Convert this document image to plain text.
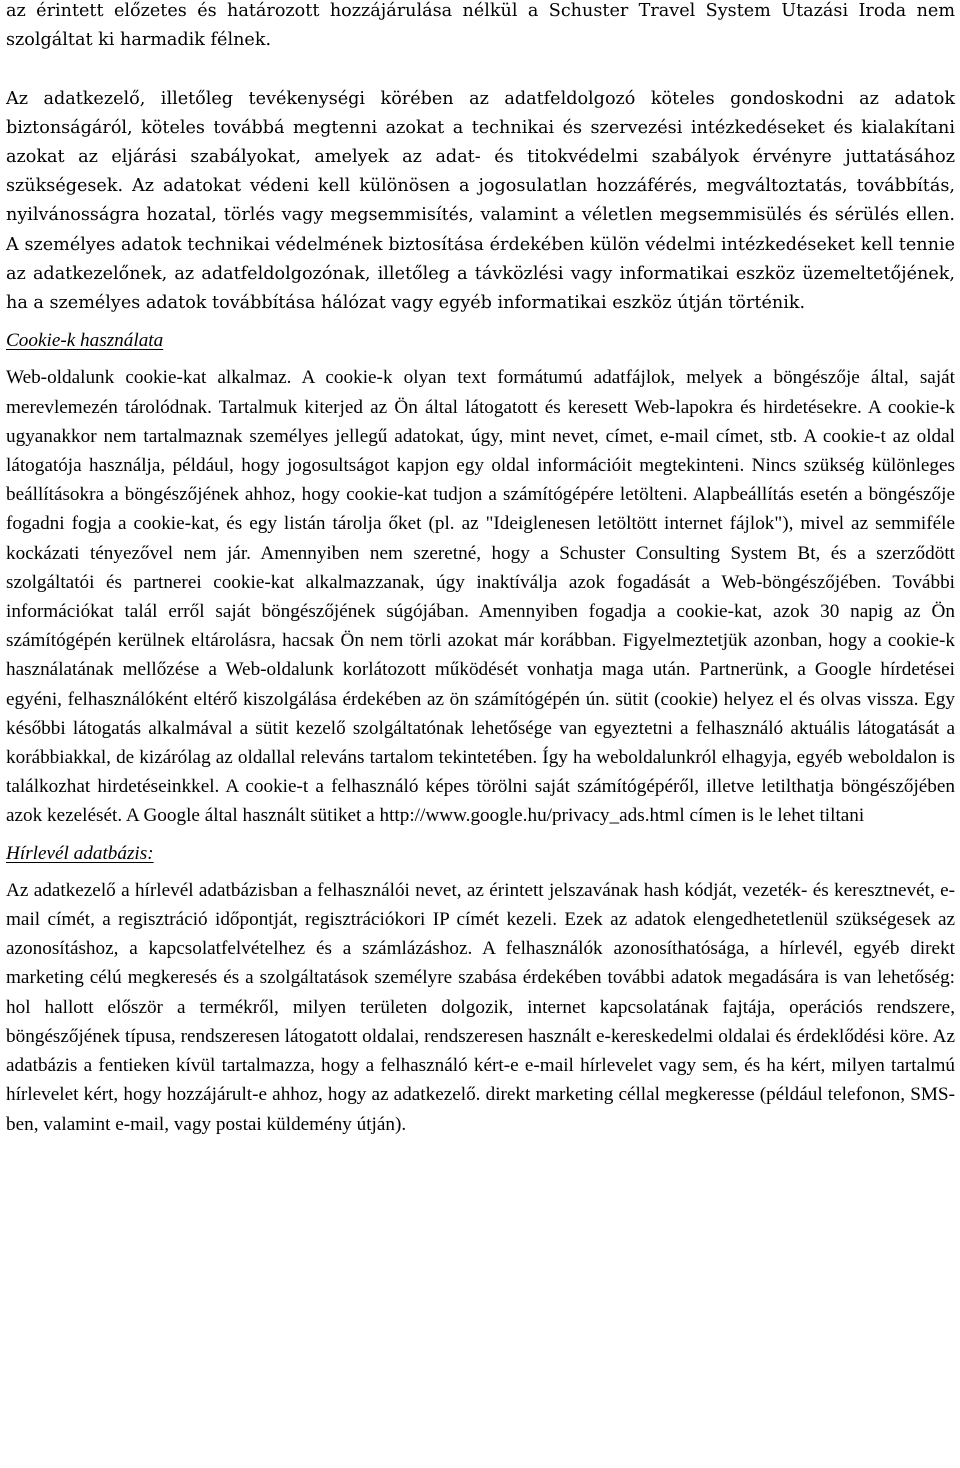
az érintett előzetes és határozott hozzájárulása nélkül a Schuster Travel System Utazási Iroda nem szolgáltat ki harmadik félnek.

Az adatkezelő, illetőleg tevékenységi körében az adatfeldolgozó köteles gondoskodni az adatok biztonságáról, köteles továbbá megtenni azokat a technikai és szervezési intézkedéseket és kialakítani azokat az eljárási szabályokat, amelyek az adat- és titokvédelmi szabályok érvényre juttatásához szükségesek. Az adatokat védeni kell különösen a jogosulatlan hozzáférés, megváltoztatás, továbbítás, nyilvánosságra hozatal, törlés vagy megsemmisítés, valamint a véletlen megsemmisülés és sérülés ellen. A személyes adatok technikai védelmének biztosítása érdekében külön védelmi intézkedéseket kell tennie az adatkezelőnek, az adatfeldolgozónak, illetőleg a távközlési vagy informatikai eszköz üzemeltetőjének, ha a személyes adatok továbbítása hálózat vagy egyéb informatikai eszköz útján történik.

Cookie-k használata

Web-oldalunk cookie-kat alkalmaz. A cookie-k olyan text formátumú adatfájlok, melyek a böngészője által, saját merevlemezén tárolódnak. Tartalmuk kiterjed az Ön által látogatott és keresett Web-lapokra és hirdetésekre. A cookie-k ugyanakkor nem tartalmaznak személyes jellegű adatokat, úgy, mint nevet, címet, e-mail címet, stb. A cookie-t az oldal látogatója használja, például, hogy jogosultságot kapjon egy oldal információit megtekinteni. Nincs szükség különleges beállításokra a böngészőjének ahhoz, hogy cookie-kat tudjon a számítógépére letölteni. Alapbeállítás esetén a böngészője fogadni fogja a cookie-kat, és egy listán tárolja őket (pl. az "Ideiglenesen letöltött internet fájlok"), mivel az semmiféle kockázati tényezővel nem jár. Amennyiben nem szeretné, hogy a Schuster Consulting System Bt, és a szerződött szolgáltatói és partnerei cookie-kat alkalmazzanak, úgy inaktíválja azok fogadását a Web-böngészőjében. További információkat talál erről saját böngészőjének súgójában. Amennyiben fogadja a cookie-kat, azok 30 napig az Ön számítógépén kerülnek eltárolásra, hacsak Ön nem törli azokat már korábban. Figyelmeztetjük azonban, hogy a cookie-k használatának mellőzése a Web-oldalunk korlátozott működését vonhatja maga után. Partnerünk, a Google hírdetései egyéni, felhasználóként eltérő kiszolgálása érdekében az ön számítógépén ún. sütit (cookie) helyez el és olvas vissza. Egy későbbi látogatás alkalmával a sütit kezelő szolgáltatónak lehetősége van egyeztetni a felhasználó aktuális látogatását a korábbiakkal, de kizárólag az oldallal releváns tartalom tekintetében. Így ha weboldalunkról elhagyja, egyéb weboldalon is találkozhat hirdetéseinkkel. A cookie-t a felhasználó képes törölni saját számítógépéről, illetve letilthatja böngészőjében azok kezelését. A Google által használt sütiket a http://www.google.hu/privacy_ads.html címen is le lehet tiltani

Hírlevél adatbázis:

Az adatkezelő a hírlevél adatbázisban a felhasználói nevet, az érintett jelszavának hash kódját, vezeték- és keresztnevét, e-mail címét, a regisztráció időpontját, regisztrációkori IP címét kezeli. Ezek az adatok elengedhetetlenül szükségesek az azonosításhoz, a kapcsolatfelvételhez és a számlázáshoz. A felhasználók azonosíthatósága, a hírlevél, egyéb direkt marketing célú megkeresés és a szolgáltatások személyre szabása érdekében további adatok megadására is van lehetőség: hol hallott először a termékről, milyen területen dolgozik, internet kapcsolatának fajtája, operációs rendszere, böngészőjének típusa, rendszeresen látogatott oldalai, rendszeresen használt e-kereskedelmi oldalai és érdeklődési köre. Az adatbázis a fentieken kívül tartalmazza, hogy a felhasználó kért-e e-mail hírlevelet vagy sem, és ha kért, milyen tartalmú hírlevelet kért, hogy hozzájárult-e ahhoz, hogy az adatkezelő. direkt marketing céllal megkeresse (például telefonon, SMS-ben, valamint e-mail, vagy postai küldemény útján).
